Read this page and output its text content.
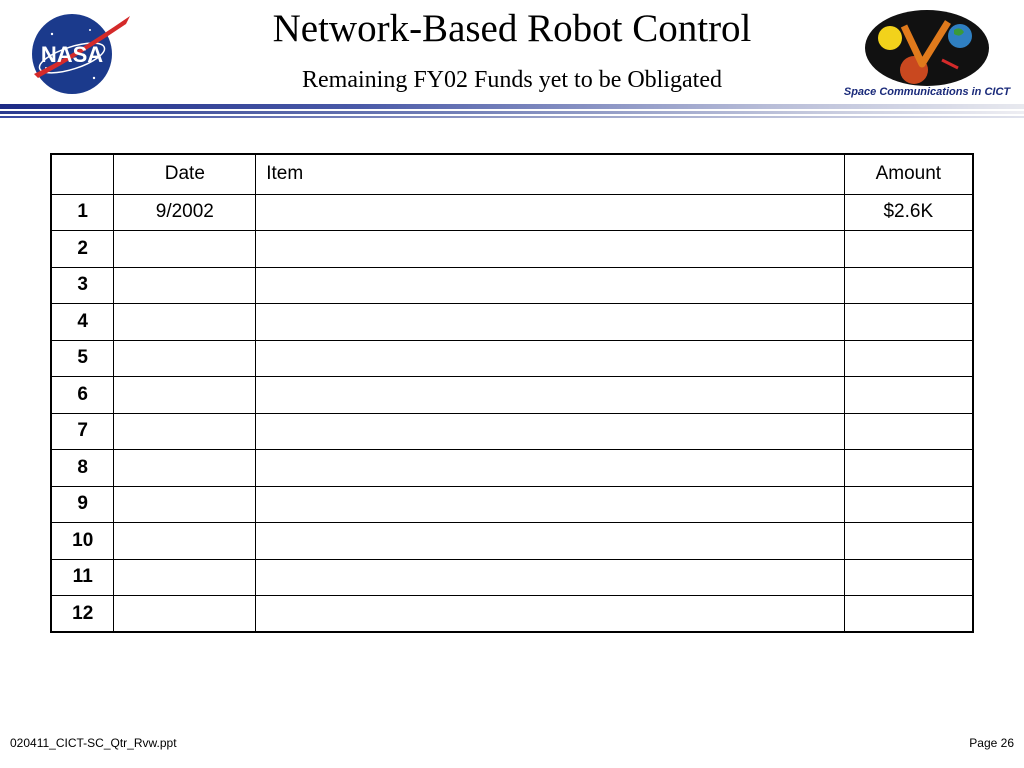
NASA
Network-Based Robot Control
Remaining FY02 Funds yet to be Obligated	Space Communications in CICT
	Date	Item	Amount
1	9/2002		$2.6K
2			
3			
4			
5			
6			
7			
8			
9			
10			
11			
12			
020411_CICT-SC_Qtr_Rvw.ppt	Page 26
